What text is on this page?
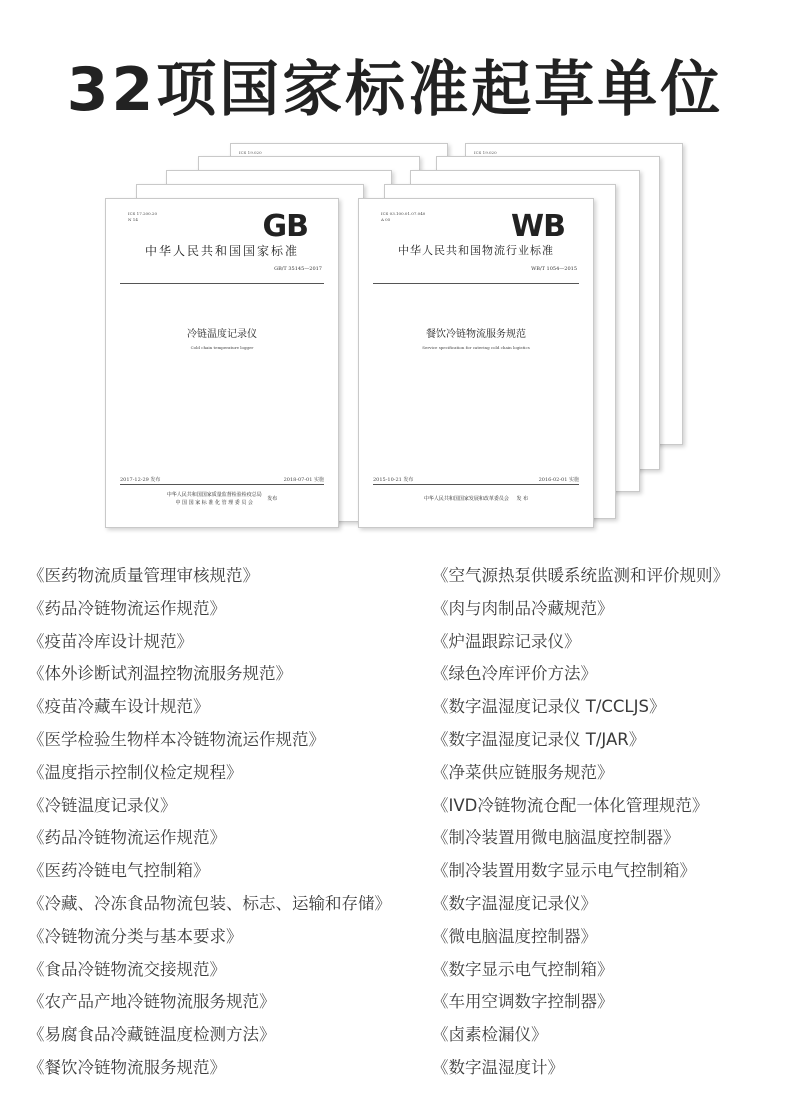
32项国家标准起草单位
ICS 19.020
ICS 17.200.20
N 14	GB
中华人民共和国国家标准
GB/T 35145—2017
冷链温度记录仪
Cold chain temperature logger
2017-12-29 发布	2018-07-01 实施
中华人民共和国国家质量监督检验检疫总局
中 国 国 家 标 准 化 管 理 委 员 会 发布
ICS 19.020
ICS 03.100.01.07.040
A 05	WB
中华人民共和国物流行业标准
WB/T 1054—2015
餐饮冷链物流服务规范
Service specification for catering cold chain logistics
2015-10-21 发布	2016-02-01 实施
中华人民共和国国家发展和改革委员会 发 布
《医药物流质量管理审核规范》
《药品冷链物流运作规范》
《疫苗冷库设计规范》
《体外诊断试剂温控物流服务规范》
《疫苗冷藏车设计规范》
《医学检验生物样本冷链物流运作规范》
《温度指示控制仪检定规程》
《冷链温度记录仪》
《药品冷链物流运作规范》
《医药冷链电气控制箱》
《冷藏、冷冻食品物流包装、标志、运输和存储》
《冷链物流分类与基本要求》
《食品冷链物流交接规范》
《农产品产地冷链物流服务规范》
《易腐食品冷藏链温度检测方法》
《餐饮冷链物流服务规范》
《空气源热泵供暖系统监测和评价规则》
《肉与肉制品冷藏规范》
《炉温跟踪记录仪》
《绿色冷库评价方法》
《数字温湿度记录仪 T/CCLJS》
《数字温湿度记录仪 T/JAR》
《净菜供应链服务规范》
《IVD冷链物流仓配一体化管理规范》
《制冷装置用微电脑温度控制器》
《制冷装置用数字显示电气控制箱》
《数字温湿度记录仪》
《微电脑温度控制器》
《数字显示电气控制箱》
《车用空调数字控制器》
《卤素检漏仪》
《数字温湿度计》
